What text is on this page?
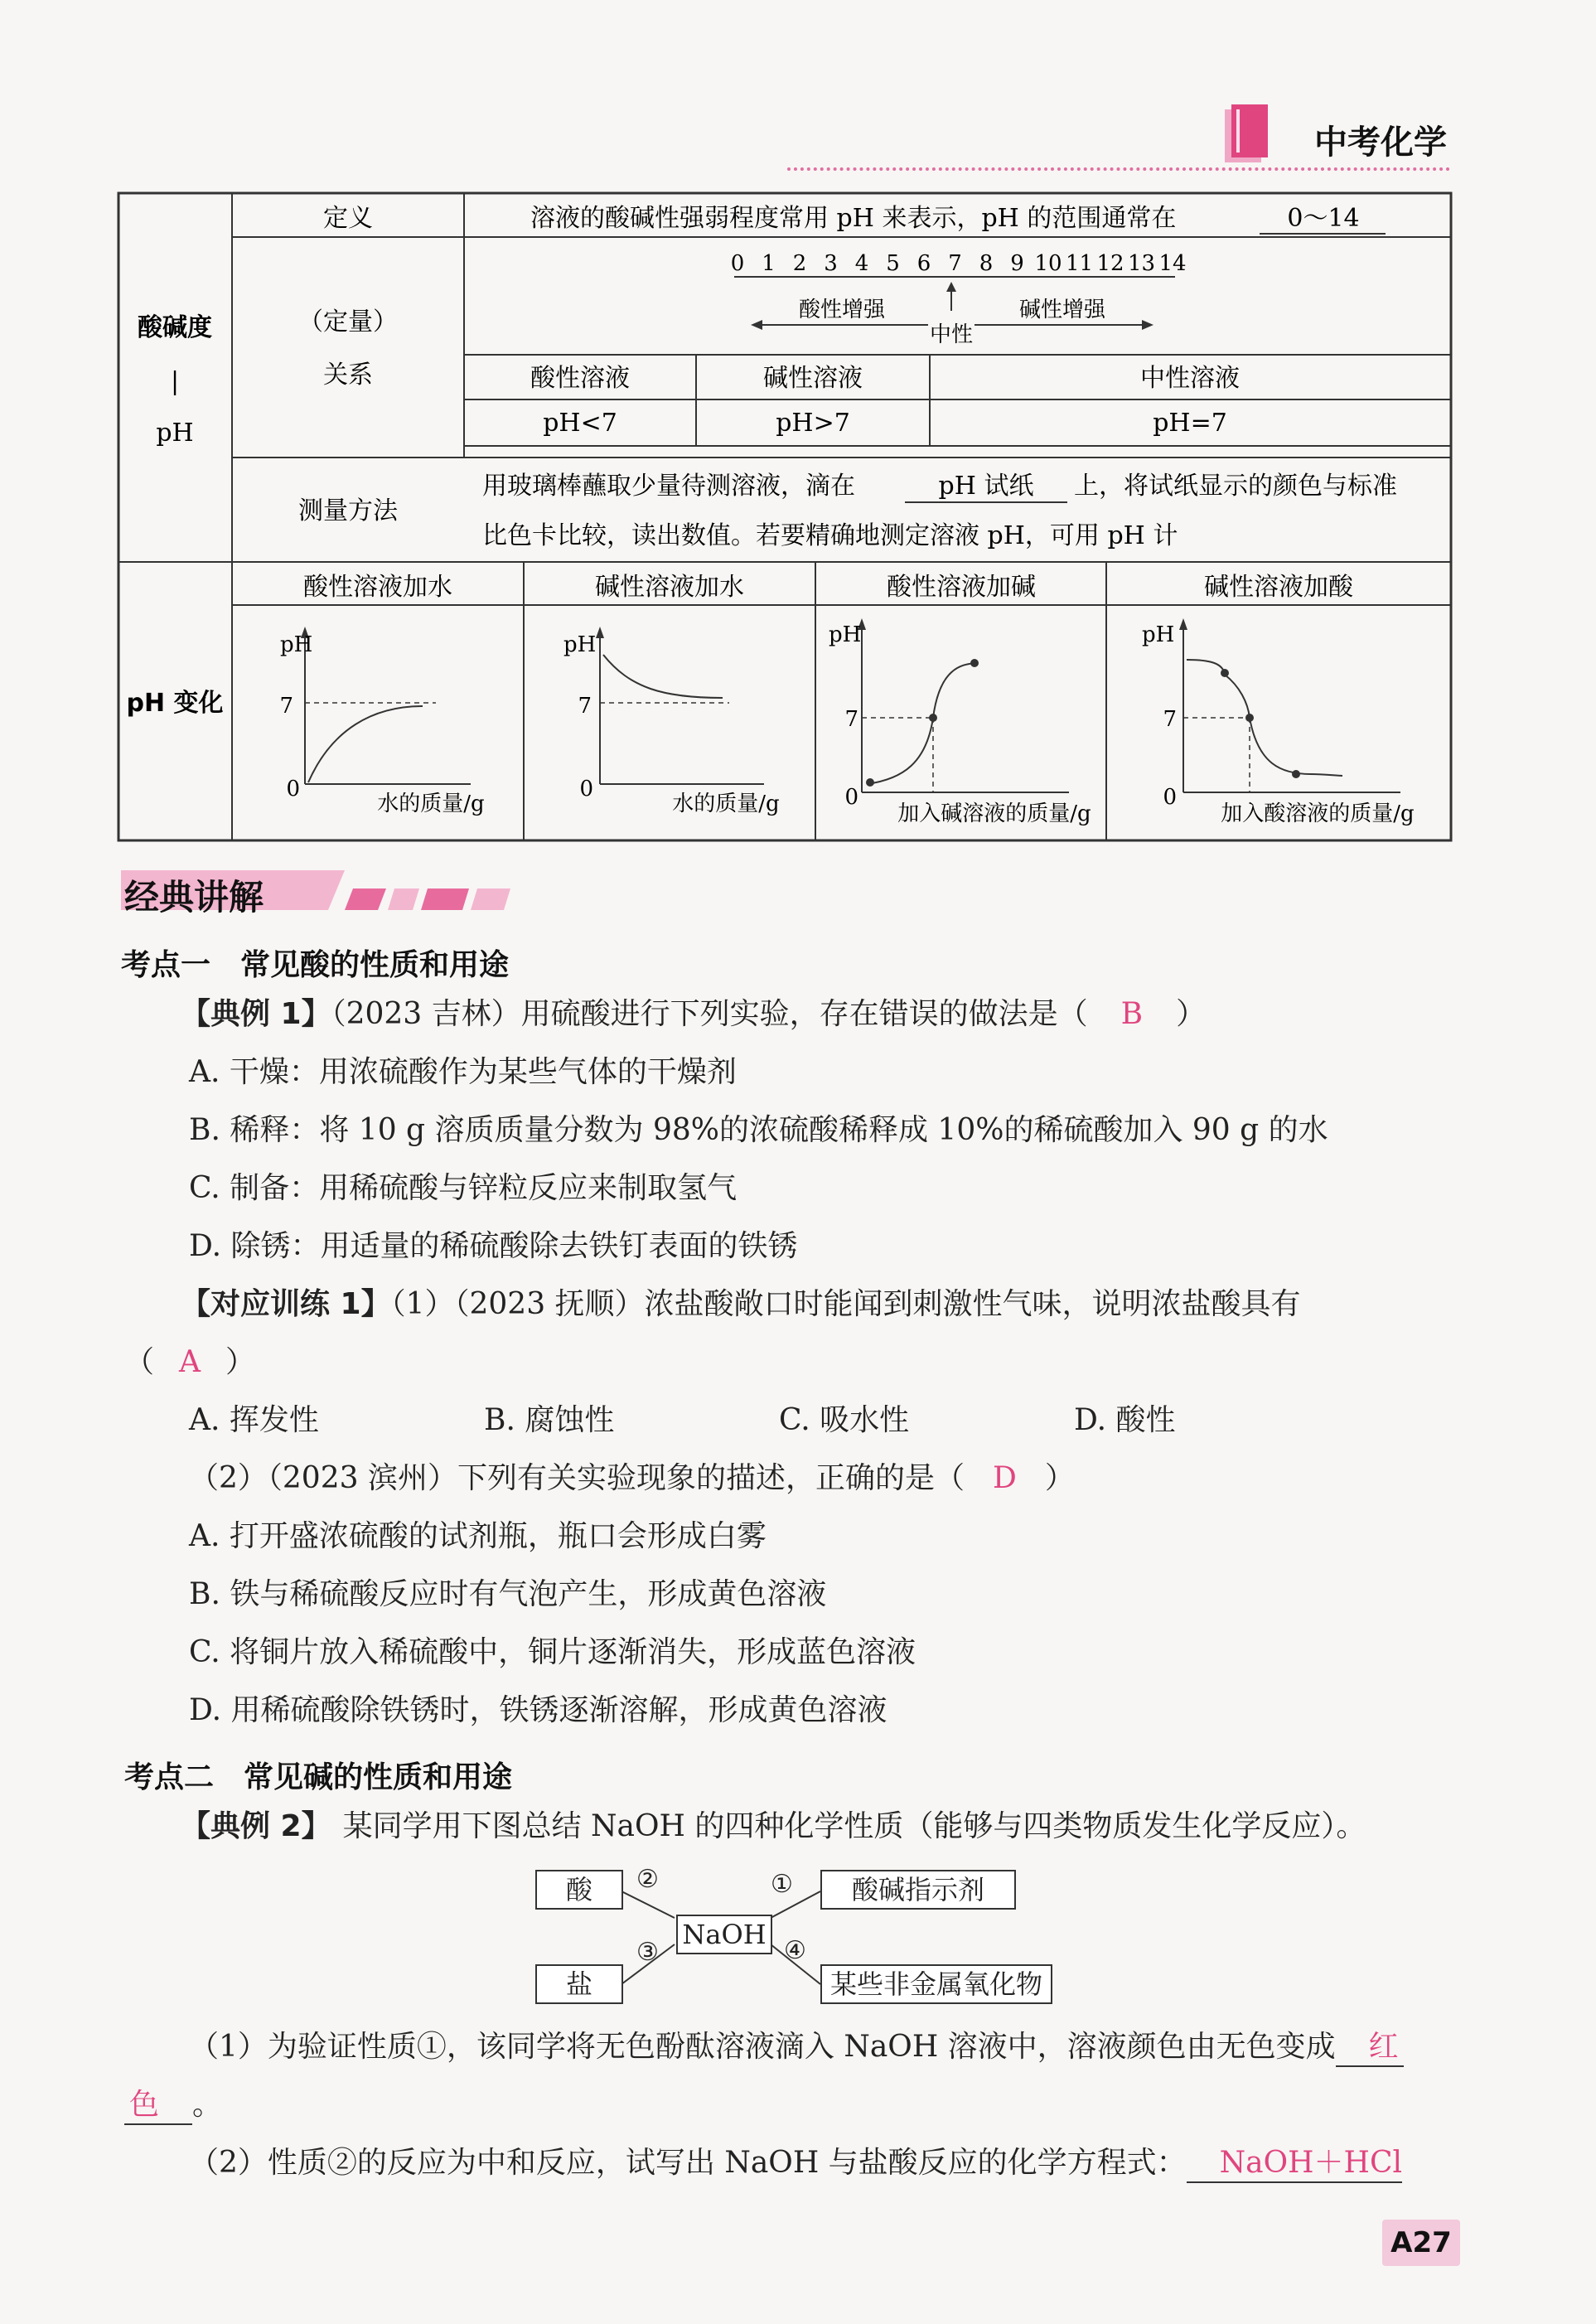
中考化学
酸碱度
|
pH
pH 变化
定义	溶液的酸碱性强弱程度常用 pH 来表示，pH 的范围通常在	0～14
（定量）
关系
0 1 2 3 4 5 6 7 8 9 10 11 12 13 14
中性
酸性增强	碱性增强
酸性溶液	碱性溶液	中性溶液
pH<7	pH>7	pH=7
测量方法
用玻璃棒蘸取少量待测溶液，滴在	pH 试纸 上，将试纸显示的颜色与标准
比色卡比较，读出数值。若要精确地测定溶液 pH，可用 pH 计
酸性溶液加水	碱性溶液加水	酸性溶液加碱	碱性溶液加酸
pH
7
0
水的质量/g
pH
7
0
水的质量/g
pH
7
0
加入碱溶液的质量/g
pH
7
0
加入酸溶液的质量/g
经典讲解
考点一　常见酸的性质和用途
【典例 1】（2023 吉林）用硫酸进行下列实验，存在错误的做法是（ B ）
A. 干燥：用浓硫酸作为某些气体的干燥剂
B. 稀释：将 10 g 溶质质量分数为 98%的浓硫酸稀释成 10%的稀硫酸加入 90 g 的水
C. 制备：用稀硫酸与锌粒反应来制取氢气
D. 除锈：用适量的稀硫酸除去铁钉表面的铁锈
【对应训练 1】（1）（2023 抚顺）浓盐酸敞口时能闻到刺激性气味，说明浓盐酸具有
（ A ）
A. 挥发性	B. 腐蚀性	C. 吸水性	D. 酸性
（2）（2023 滨州）下列有关实验现象的描述，正确的是（ D ）
A. 打开盛浓硫酸的试剂瓶，瓶口会形成白雾
B. 铁与稀硫酸反应时有气泡产生，形成黄色溶液
C. 将铜片放入稀硫酸中，铜片逐渐消失，形成蓝色溶液
D. 用稀硫酸除铁锈时，铁锈逐渐溶解，形成黄色溶液
考点二　常见碱的性质和用途
【典例 2】 某同学用下图总结 NaOH 的四种化学性质（能够与四类物质发生化学反应）。
酸
盐
NaOH
酸碱指示剂
某些非金属氧化物
②	①
③	④
（1）为验证性质①，该同学将无色酚酞溶液滴入 NaOH 溶液中，溶液颜色由无色变成 红
色 。
（2）性质②的反应为中和反应，试写出 NaOH 与盐酸反应的化学方程式： NaOH＋HCl
A27
